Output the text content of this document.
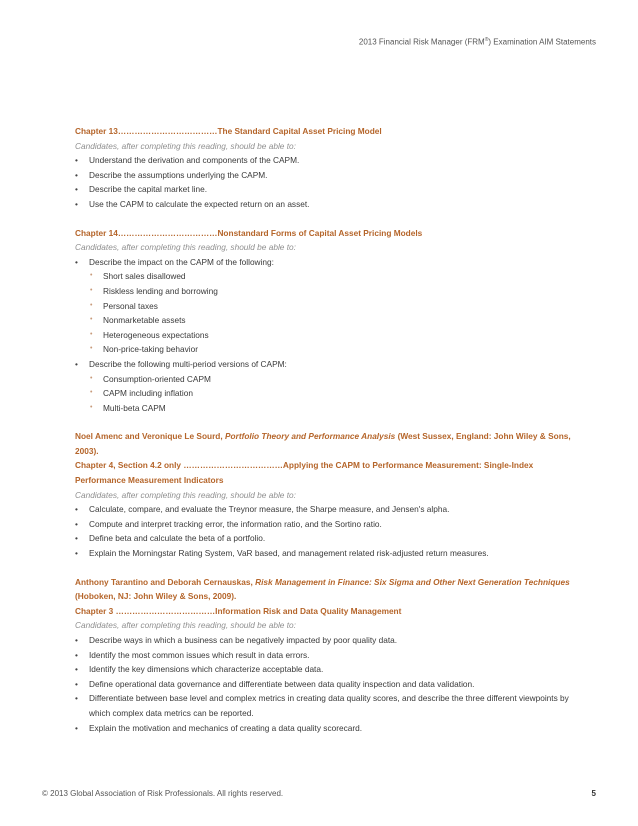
2013 Financial Risk Manager (FRM®) Examination AIM Statements
Chapter 13………………………………The Standard Capital Asset Pricing Model
Candidates, after completing this reading, should be able to:
• Understand the derivation and components of the CAPM.
• Describe the assumptions underlying the CAPM.
• Describe the capital market line.
• Use the CAPM to calculate the expected return on an asset.
Chapter 14………………………………Nonstandard Forms of Capital Asset Pricing Models
Candidates, after completing this reading, should be able to:
• Describe the impact on the CAPM of the following:
• Short sales disallowed
• Riskless lending and borrowing
• Personal taxes
• Nonmarketable assets
• Heterogeneous expectations
• Non-price-taking behavior
• Describe the following multi-period versions of CAPM:
• Consumption-oriented CAPM
• CAPM including inflation
• Multi-beta CAPM
Noel Amenc and Veronique Le Sourd, Portfolio Theory and Performance Analysis (West Sussex, England: John Wiley & Sons, 2003).
Chapter 4, Section 4.2 only ………………………………Applying the CAPM to Performance Measurement: Single-Index Performance Measurement Indicators
Candidates, after completing this reading, should be able to:
• Calculate, compare, and evaluate the Treynor measure, the Sharpe measure, and Jensen's alpha.
• Compute and interpret tracking error, the information ratio, and the Sortino ratio.
• Define beta and calculate the beta of a portfolio.
• Explain the Morningstar Rating System, VaR based, and management related risk-adjusted return measures.
Anthony Tarantino and Deborah Cernauskas, Risk Management in Finance: Six Sigma and Other Next Generation Techniques (Hoboken, NJ: John Wiley & Sons, 2009).
Chapter 3 ………………………………Information Risk and Data Quality Management
Candidates, after completing this reading, should be able to:
• Describe ways in which a business can be negatively impacted by poor quality data.
• Identify the most common issues which result in data errors.
• Identify the key dimensions which characterize acceptable data.
• Define operational data governance and differentiate between data quality inspection and data validation.
• Differentiate between base level and complex metrics in creating data quality scores, and describe the three different viewpoints by which complex data metrics can be reported.
• Explain the motivation and mechanics of creating a data quality scorecard.
© 2013 Global Association of Risk Professionals. All rights reserved.	5
